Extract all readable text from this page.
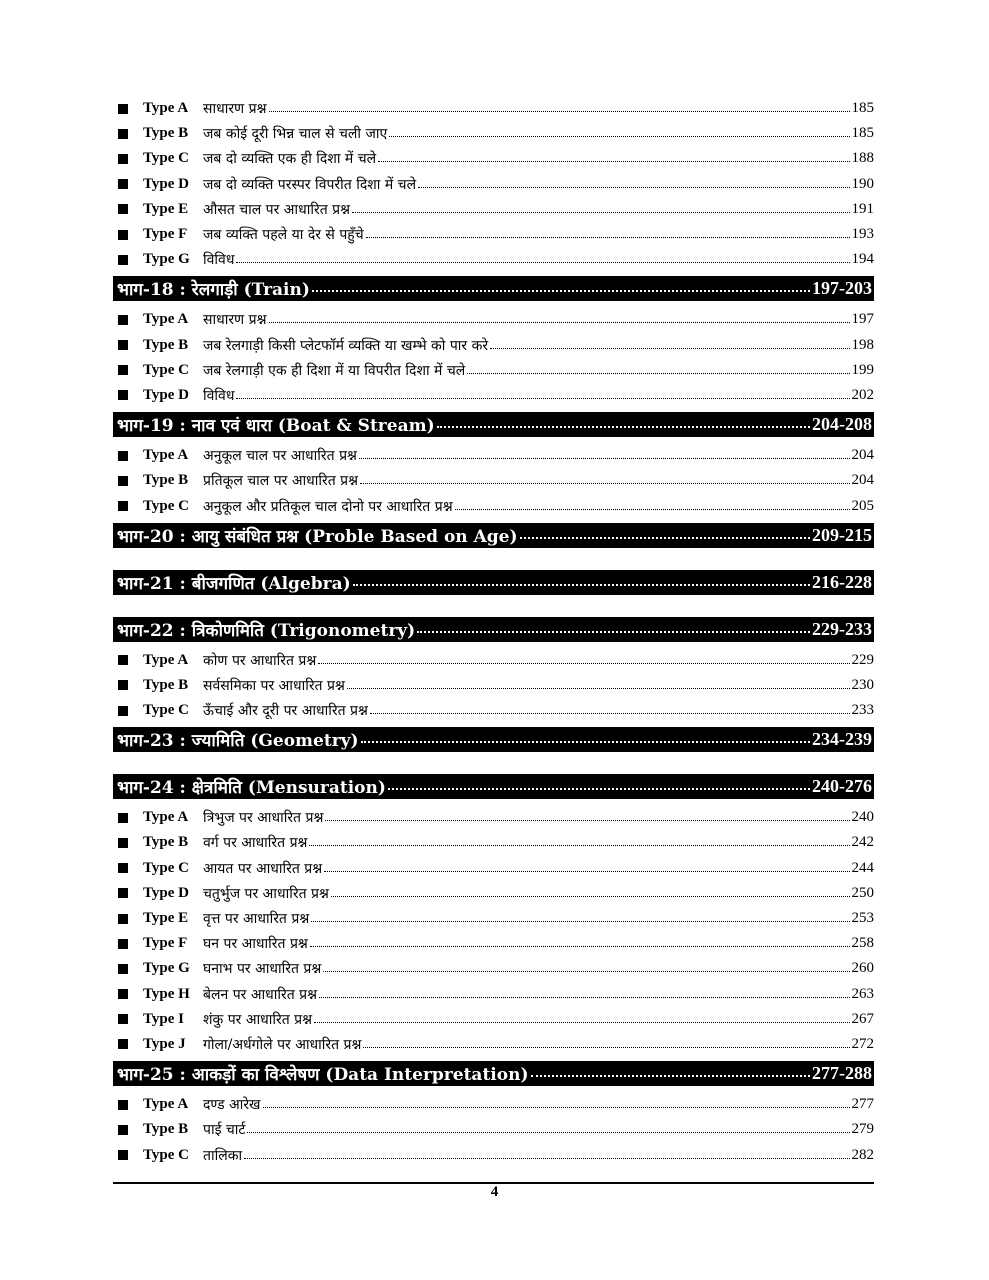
Type A	साधारण प्रश्न	185
Type B	जब कोई दूरी भिन्न चाल से चली जाए	185
Type C	जब दो व्यक्ति एक ही दिशा में चले	188
Type D	जब दो व्यक्ति परस्पर विपरीत दिशा में चले	190
Type E	औसत चाल पर आधारित प्रश्न	191
Type F	जब व्यक्ति पहले या देर से पहुँचे	193
Type G विविध	194
भाग-18 : रेलगाड़ी (Train)	197-203
Type A	साधारण प्रश्न	197
Type B	जब रेलगाड़ी किसी प्लेटफॉर्म व्यक्ति या खम्भे को पार करे	198
Type C	जब रेलगाड़ी एक ही दिशा में या विपरीत दिशा में चले	199
Type D	विविध	202
भाग-19 : नाव एवं धारा (Boat & Stream)	204-208
Type A	अनुकूल चाल पर आधारित प्रश्न	204
Type B	प्रतिकूल चाल पर आधारित प्रश्न	204
Type C	अनुकूल और प्रतिकूल चाल दोनो पर आधारित प्रश्न	205
भाग-20 : आयु संबंधित प्रश्न (Proble Based on Age)	209-215
भाग-21 : बीजगणित (Algebra)	216-228
भाग-22 : त्रिकोणमिति (Trigonometry)	229-233
Type A	कोण पर आधारित प्रश्न	229
Type B	सर्वसमिका पर आधारित प्रश्न	230
Type C	ऊँचाई और दूरी पर आधारित प्रश्न	233
भाग-23 : ज्यामिति (Geometry)	234-239
भाग-24 : क्षेत्रमिति (Mensuration)	240-276
Type A	त्रिभुज पर आधारित प्रश्न	240
Type B	वर्ग पर आधारित प्रश्न	242
Type C	आयत पर आधारित प्रश्न	244
Type D	चतुर्भुज पर आधारित प्रश्न	250
Type E	वृत्त पर आधारित प्रश्न	253
Type F	घन पर आधारित प्रश्न	258
Type G घनाभ पर आधारित प्रश्न	260
Type H बेलन पर आधारित प्रश्न	263
Type I	शंकु पर आधारित प्रश्न	267
Type J	गोला/अर्धगोले पर आधारित प्रश्न	272
भाग-25 : आकड़ों का विश्लेषण (Data Interpretation)	277-288
Type A	दण्ड आरेख	277
Type B	पाई चार्ट	279
Type C	तालिका	282
4
